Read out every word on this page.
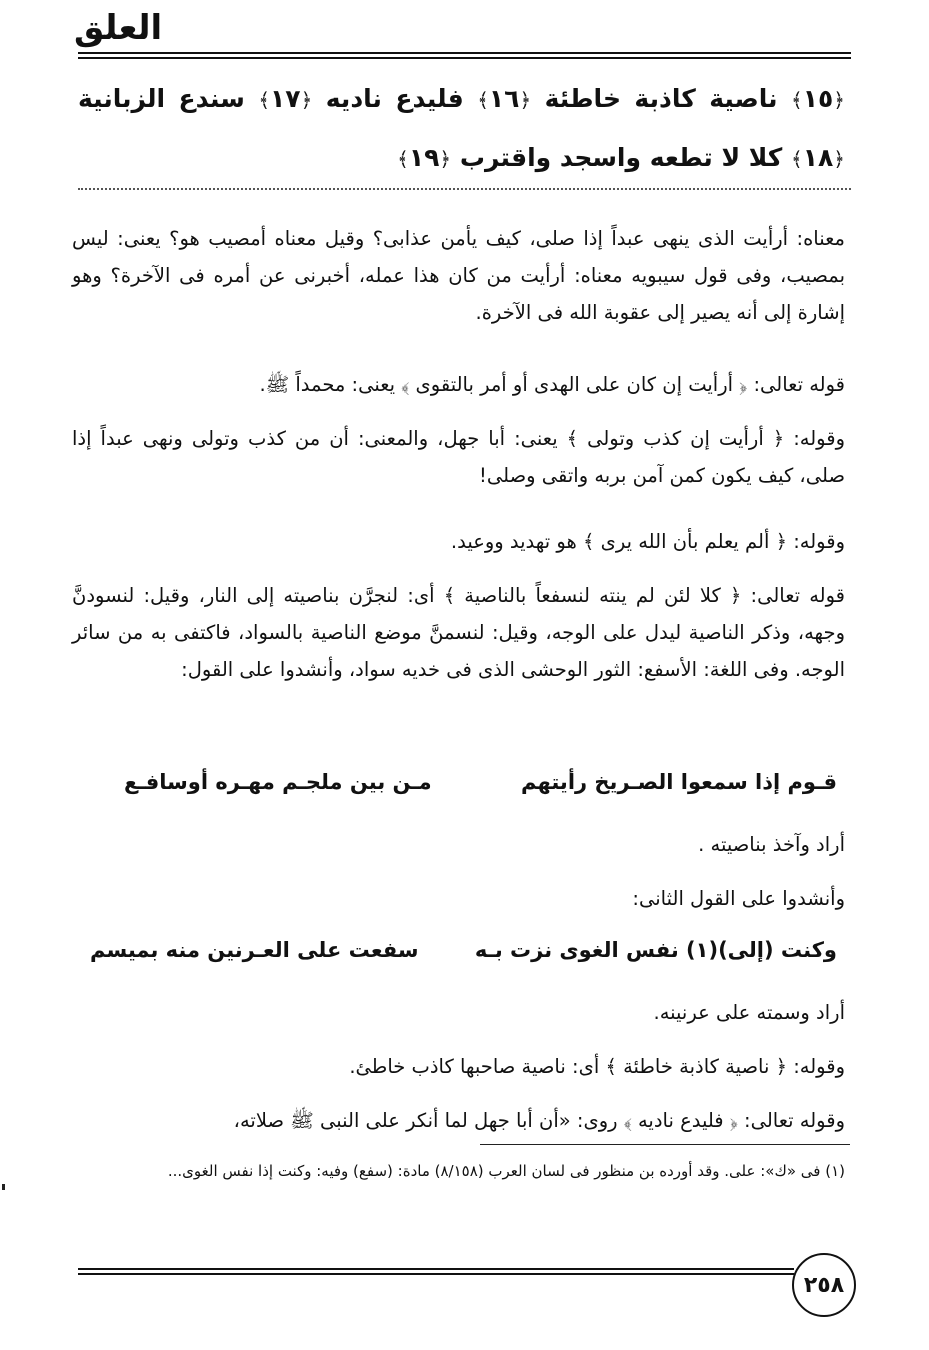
العلق
﴿١٥﴾ ناصية كاذبة خاطئة ﴿١٦﴾ فليدع ناديه ﴿١٧﴾ سندع الزبانية ﴿١٨﴾ كلا لا تطعه واسجد واقترب ﴿١٩﴾
معناه: أرأيت الذى ينهى عبداً إذا صلى، كيف يأمن عذابى؟ وقيل معناه أمصيب هو؟ يعنى: ليس بمصيب، وفى قول سيبويه معناه: أرأيت من كان هذا عمله، أخبرنى عن أمره فى الآخرة؟ وهو إشارة إلى أنه يصير إلى عقوبة الله فى الآخرة.
قوله تعالى: ﴿ أرأيت إن كان على الهدى أو أمر بالتقوى ﴾ يعنى: محمداً ﷺ.
وقوله: ﴿ أرأيت إن كذب وتولى ﴾ يعنى: أبا جهل، والمعنى: أن من كذب وتولى ونهى عبداً إذا صلى، كيف يكون كمن آمن بربه واتقى وصلى!
وقوله: ﴿ ألم يعلم بأن الله يرى ﴾ هو تهديد ووعيد.
قوله تعالى: ﴿ كلا لئن لم ينته لنسفعاً بالناصية ﴾ أى: لنجرَّن بناصيته إلى النار، وقيل: لنسودنَّ وجهه، وذكر الناصية ليدل على الوجه، وقيل: لنسمنَّ موضع الناصية بالسواد، فاكتفى به من سائر الوجه. وفى اللغة: الأسفع: الثور الوحشى الذى فى خديه سواد، وأنشدوا على القول:
قـوم إذا سمعوا الصـريخ رأيتهم
مـن بين ملجـم مهـره أوسافـع
أراد وآخذ بناصيته .
وأنشدوا على القول الثانى:
وكنت (إلى)(١) نفس الغوى نزت بـه
سفعت على العـرنين منه بميسم
أراد وسمته على عرنينه.
وقوله: ﴿ ناصية كاذبة خاطئة ﴾ أى: ناصية صاحبها كاذب خاطئ.
وقوله تعالى: ﴿ فليدع ناديه ﴾ روى: «أن أبا جهل لما أنكر على النبى ﷺ صلاته،
(١) فى «ك»: على. وقد أورده بن منظور فى لسان العرب (٨/١٥٨) مادة: (سفع) وفيه: وكنت إذا نفس الغوى...
٢٥٨
